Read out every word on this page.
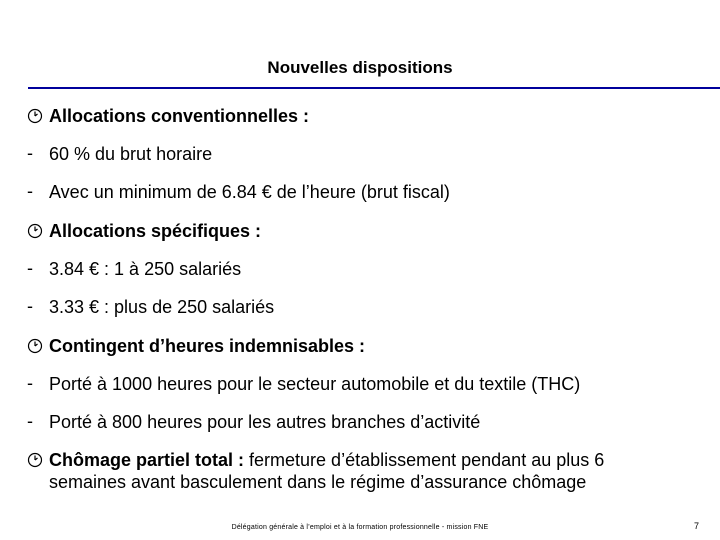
Nouvelles dispositions
Allocations conventionnelles :
- 60 % du brut horaire
- Avec un minimum de 6.84 € de l’heure (brut fiscal)
Allocations spécifiques :
- 3.84 € : 1 à 250 salariés
- 3.33 € : plus de 250 salariés
Contingent d’heures indemnisables :
- Porté à 1000 heures pour le secteur automobile et du textile (THC)
- Porté à 800 heures pour les autres branches d’activité
Chômage partiel total : fermeture d’établissement pendant au plus 6
semaines avant basculement dans le régime d’assurance chômage
Délégation générale à l’emploi et à la formation professionnelle - mission FNE	7
